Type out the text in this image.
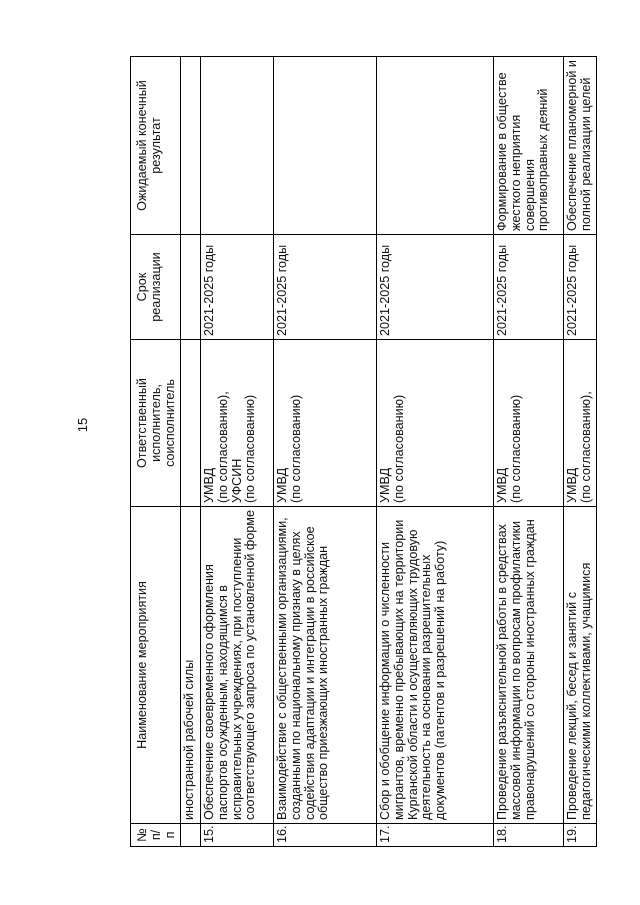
15
№ п/
п	Наименование мероприятия	Ответственный
исполнитель,
соисполнитель	Срок
реализации	Ожидаемый конечный
результат
	иностранной рабочей силы			
15.	Обеспечение своевременного оформления паспортов осужденным, находящимся в исправительных учреждениях, при поступлении соответствующего запроса по установленной форме	УМВД
(по согласованию),
УФСИН
(по согласованию)	2021-2025 годы	
16.	Взаимодействие с общественными организациями, созданными по национальному признаку в целях содействия адаптации и интеграции в российское общество приезжающих иностранных граждан	УМВД
(по согласованию)	2021-2025 годы	
17.	Сбор и обобщение информации о численности мигрантов, временно пребывающих на территории Курганской области и осуществляющих трудовую деятельность на основании разрешительных документов (патентов и разрешений на работу)	УМВД
(по согласованию)	2021-2025 годы	
18.	Проведение разъяснительной работы в средствах массовой информации по вопросам профилактики правонарушений со стороны иностранных граждан	УМВД
(по согласованию)	2021-2025 годы	Формирование в обществе жесткого неприятия совершения противоправных деяний
19.	Проведение лекций, бесед и занятий с педагогическими коллективами, учащимися	УМВД
(по согласованию),	2021-2025 годы	Обеспечение планомерной и полной реализации целей
